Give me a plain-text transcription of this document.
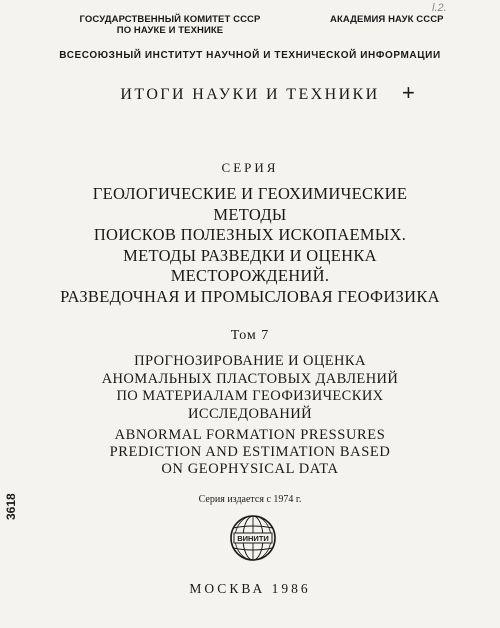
ГОСУДАРСТВЕННЫЙ КОМИТЕТ СССР
ПО НАУКЕ И ТЕХНИКЕ
АКАДЕМИЯ НАУК СССР
l.2.
ВСЕСОЮЗНЫЙ ИНСТИТУТ НАУЧНОЙ И ТЕХНИЧЕСКОЙ ИНФОРМАЦИИ
ИТОГИ НАУКИ И ТЕХНИКИ	+
СЕРИЯ
ГЕОЛОГИЧЕСКИЕ И ГЕОХИМИЧЕСКИЕ
МЕТОДЫ
ПОИСКОВ ПОЛЕЗНЫХ ИСКОПАЕМЫХ.
МЕТОДЫ РАЗВЕДКИ И ОЦЕНКА
МЕСТОРОЖДЕНИЙ.
РАЗВЕДОЧНАЯ И ПРОМЫСЛОВАЯ ГЕОФИЗИКА
Том 7
ПРОГНОЗИРОВАНИЕ И ОЦЕНКА
АНОМАЛЬНЫХ ПЛАСТОВЫХ ДАВЛЕНИЙ
ПО МАТЕРИАЛАМ ГЕОФИЗИЧЕСКИХ
ИССЛЕДОВАНИЙ
ABNORMAL FORMATION PRESSURES
PREDICTION AND ESTIMATION BASED
ON GEOPHYSICAL DATA
Серия издается с 1974 г.
3618
ВИНИТИ
МОСКВА 1986
